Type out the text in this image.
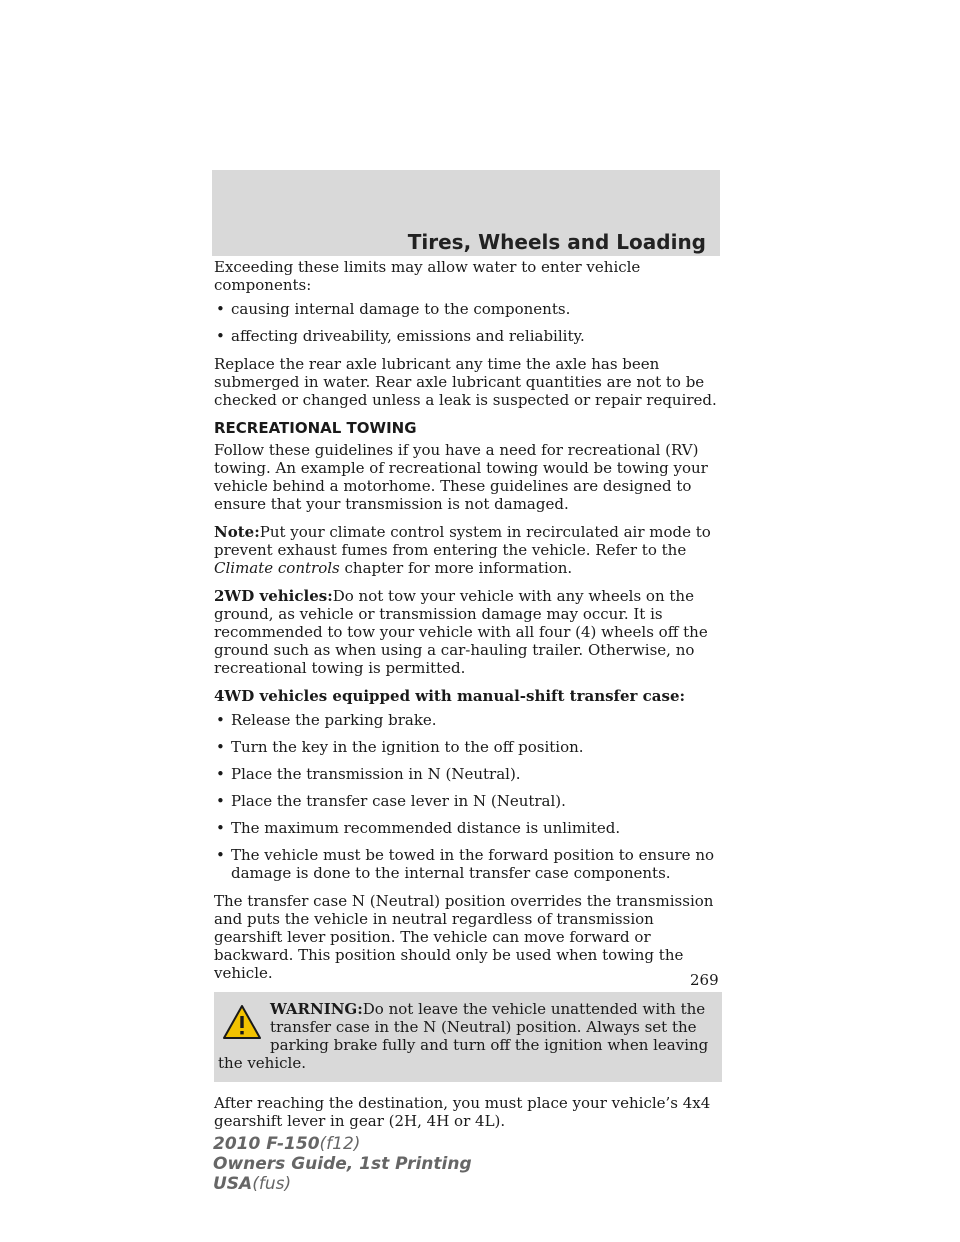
Tires, Wheels and Loading

Exceeding these limits may allow water to enter vehicle components:

• causing internal damage to the components.
• affecting driveability, emissions and reliability.

Replace the rear axle lubricant any time the axle has been submerged in water. Rear axle lubricant quantities are not to be checked or changed unless a leak is suspected or repair required.

RECREATIONAL TOWING

Follow these guidelines if you have a need for recreational (RV) towing. An example of recreational towing would be towing your vehicle behind a motorhome. These guidelines are designed to ensure that your transmission is not damaged.

Note:Put your climate control system in recirculated air mode to prevent exhaust fumes from entering the vehicle. Refer to the Climate controls chapter for more information.

2WD vehicles:Do not tow your vehicle with any wheels on the ground, as vehicle or transmission damage may occur. It is recommended to tow your vehicle with all four (4) wheels off the ground such as when using a car-hauling trailer. Otherwise, no recreational towing is permitted.

4WD vehicles equipped with manual-shift transfer case:

• Release the parking brake.
• Turn the key in the ignition to the off position.
• Place the transmission in N (Neutral).
• Place the transfer case lever in N (Neutral).
• The maximum recommended distance is unlimited.
• The vehicle must be towed in the forward position to ensure no damage is done to the internal transfer case components.

The transfer case N (Neutral) position overrides the transmission and puts the vehicle in neutral regardless of transmission gearshift lever position. The vehicle can move forward or backward. This position should only be used when towing the vehicle.

WARNING:Do not leave the vehicle unattended with the transfer case in the N (Neutral) position. Always set the parking brake fully and turn off the ignition when leaving the vehicle.

After reaching the destination, you must place your vehicle’s 4x4 gearshift lever in gear (2H, 4H or 4L).

269
2010 F-150(f12)
Owners Guide, 1st Printing
USA(fus)
